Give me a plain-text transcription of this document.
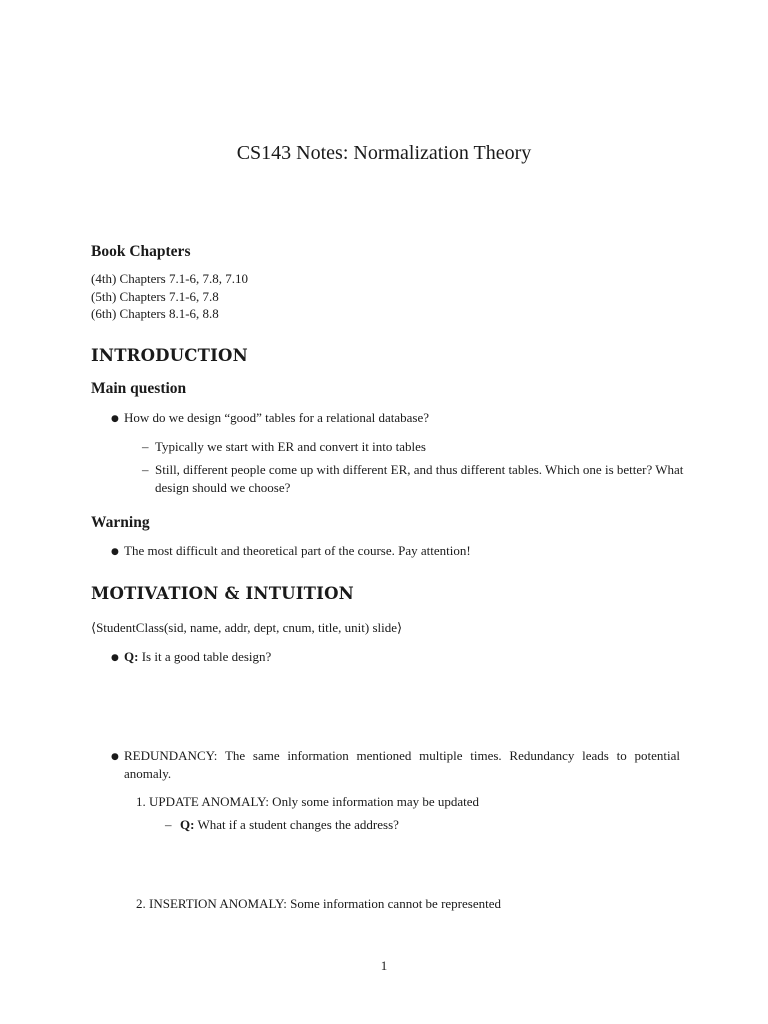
CS143 Notes: Normalization Theory
Book Chapters
(4th) Chapters 7.1-6, 7.8, 7.10
(5th) Chapters 7.1-6, 7.8
(6th) Chapters 8.1-6, 8.8
INTRODUCTION
Main question
● How do we design “good” tables for a relational database?
– Typically we start with ER and convert it into tables
– Still, different people come up with different ER, and thus different tables. Which one is better? What design should we choose?
Warning
● The most difficult and theoretical part of the course. Pay attention!
MOTIVATION & INTUITION
⟨StudentClass(sid, name, addr, dept, cnum, title, unit) slide⟩
● Q: Is it a good table design?
● REDUNDANCY: The same information mentioned multiple times. Redundancy leads to potential anomaly.
1. UPDATE ANOMALY: Only some information may be updated
– Q: What if a student changes the address?
2. INSERTION ANOMALY: Some information cannot be represented
1
